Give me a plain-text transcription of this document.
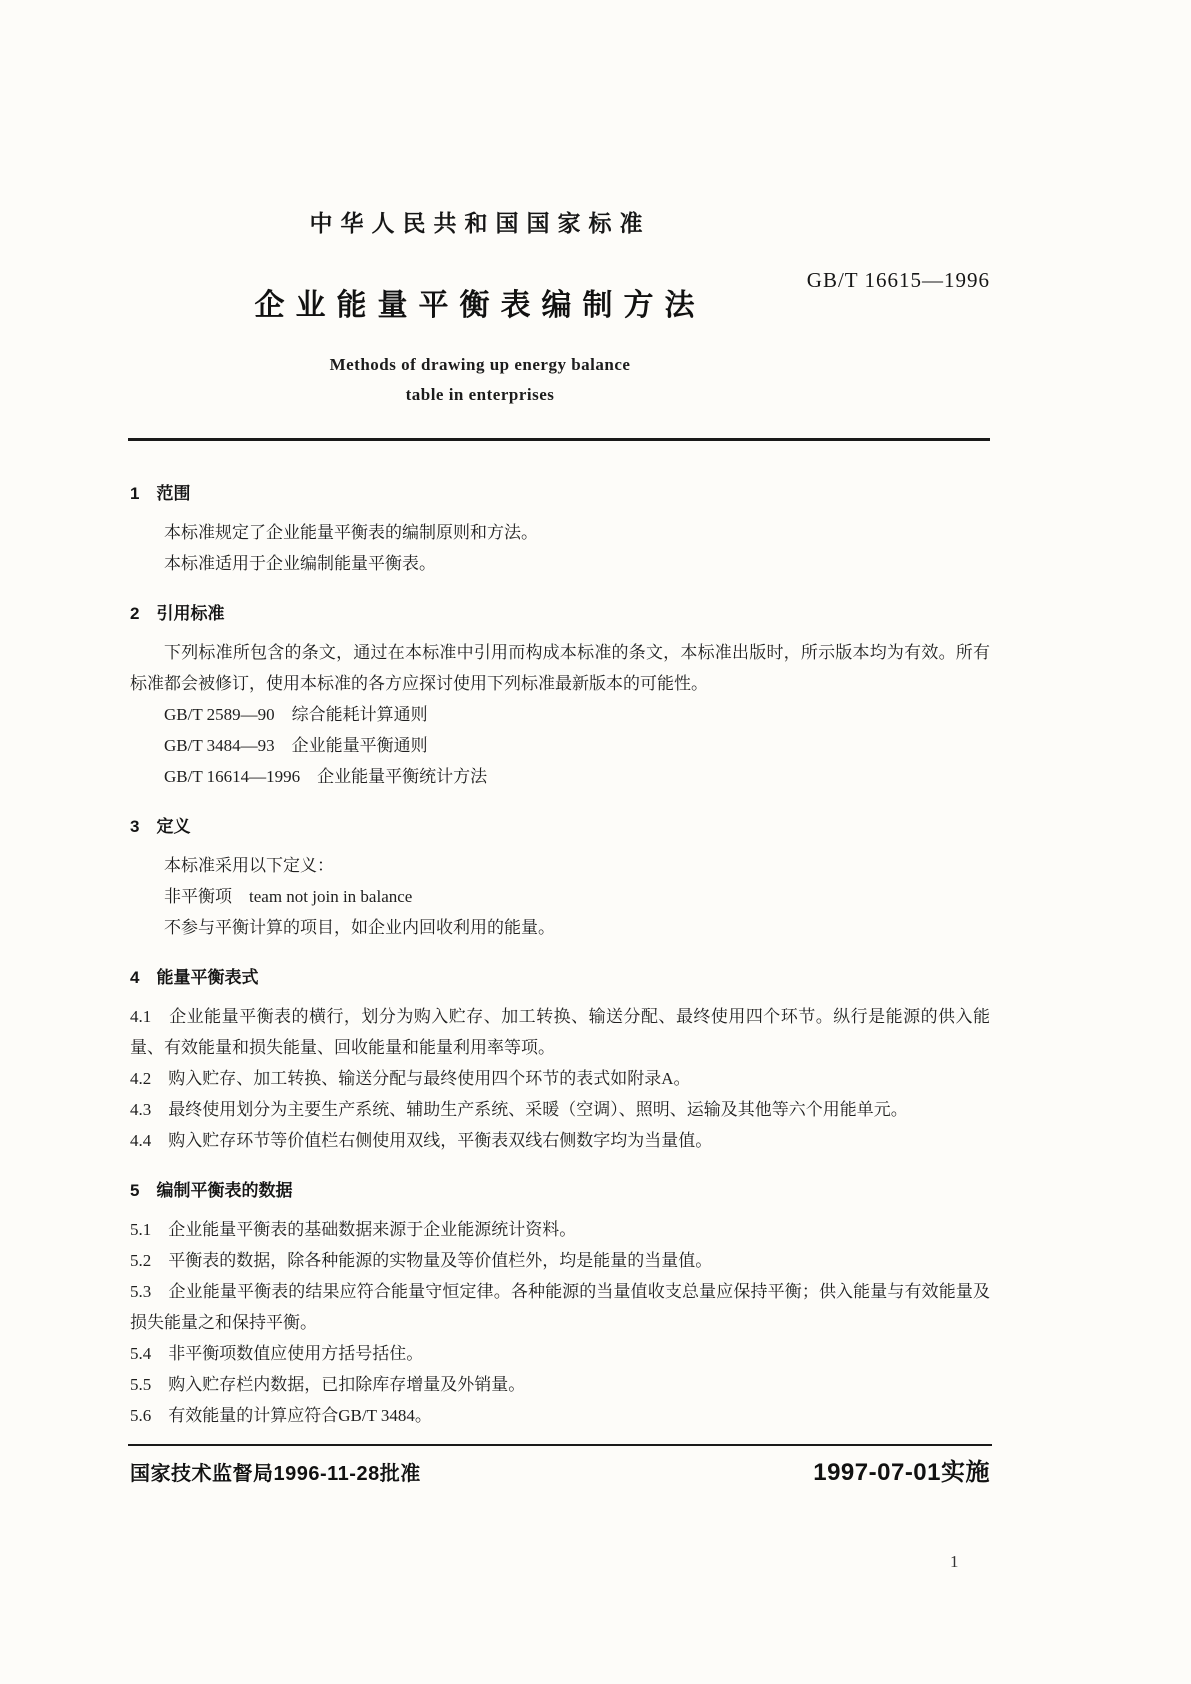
中华人民共和国国家标准
企业能量平衡表编制方法
Methods of drawing up energy balance
table in enterprises
GB/T 16615—1996
1　范围

本标准规定了企业能量平衡表的编制原则和方法。

本标准适用于企业编制能量平衡表。

2　引用标准

下列标准所包含的条文，通过在本标准中引用而构成本标准的条文，本标准出版时，所示版本均为有效。所有标准都会被修订，使用本标准的各方应探讨使用下列标准最新版本的可能性。

GB/T 2589—90　综合能耗计算通则

GB/T 3484—93　企业能量平衡通则

GB/T 16614—1996　企业能量平衡统计方法

3　定义

本标准采用以下定义：

非平衡项　team not join in balance

不参与平衡计算的项目，如企业内回收利用的能量。

4　能量平衡表式

4.1　企业能量平衡表的横行，划分为购入贮存、加工转换、输送分配、最终使用四个环节。纵行是能源的供入能量、有效能量和损失能量、回收能量和能量利用率等项。

4.2　购入贮存、加工转换、输送分配与最终使用四个环节的表式如附录A。

4.3　最终使用划分为主要生产系统、辅助生产系统、采暖（空调）、照明、运输及其他等六个用能单元。

4.4　购入贮存环节等价值栏右侧使用双线，平衡表双线右侧数字均为当量值。

5　编制平衡表的数据

5.1　企业能量平衡表的基础数据来源于企业能源统计资料。

5.2　平衡表的数据，除各种能源的实物量及等价值栏外，均是能量的当量值。

5.3　企业能量平衡表的结果应符合能量守恒定律。各种能源的当量值收支总量应保持平衡；供入能量与有效能量及损失能量之和保持平衡。

5.4　非平衡项数值应使用方括号括住。

5.5　购入贮存栏内数据，已扣除库存增量及外销量。

5.6　有效能量的计算应符合GB/T 3484。

国家技术监督局1996-11-28批准	1997-07-01实施
1
